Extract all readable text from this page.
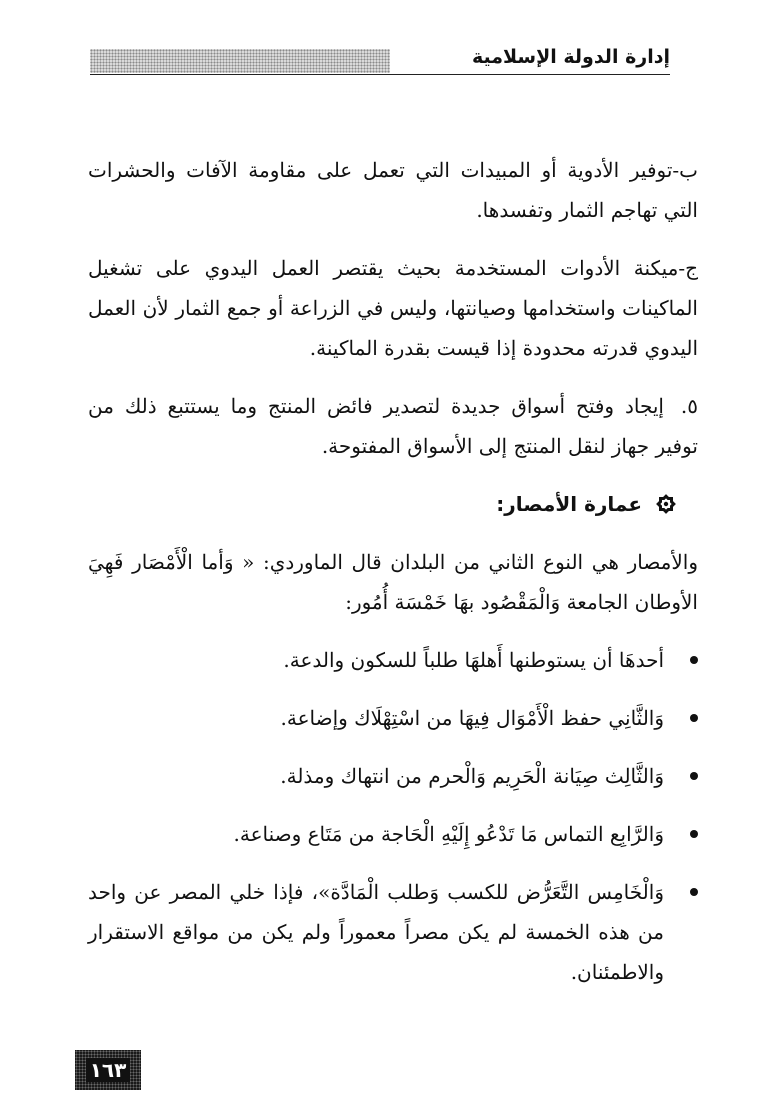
إدارة الدولة الإسلامية

ب-توفير الأدوية أو المبيدات التي تعمل على مقاومة الآفات والحشرات التي تهاجم الثمار وتفسدها.

ج-ميكنة الأدوات المستخدمة بحيث يقتصر العمل اليدوي على تشغيل الماكينات واستخدامها وصيانتها، وليس في الزراعة أو جمع الثمار لأن العمل اليدوي قدرته محدودة إذا قيست بقدرة الماكينة.

٥.إيجاد وفتح أسواق جديدة لتصدير فائض المنتج وما يستتبع ذلك من توفير جهاز لنقل المنتج إلى الأسواق المفتوحة.

عمارة الأمصار:

والأمصار هي النوع الثاني من البلدان قال الماوردي: « وَأما الْأَمْصَار فَهِيَ الأوطان الجامعة وَالْمَقْصُود بهَا خَمْسَة أُمُور:

أحدهَا أن يستوطنها أَهلهَا طلباً للسكون والدعة.
وَالثَّانِي حفظ الْأَمْوَال فِيهَا من اسْتِهْلَاك وإضاعة.
وَالثَّالِث صِيَانة الْحَرِيم وَالْحرم من انتهاك ومذلة.
وَالرَّابِع التماس مَا تَدْعُو إِلَيْهِ الْحَاجة من مَتَاع وصناعة.
وَالْخَامِس التَّعَرُّض للكسب وَطلب الْمَادَّة»، فإذا خلي المصر عن واحد من هذه الخمسة لم يكن مصراً معموراً ولم يكن من مواقع الاستقرار والاطمئنان.
١٦٣
